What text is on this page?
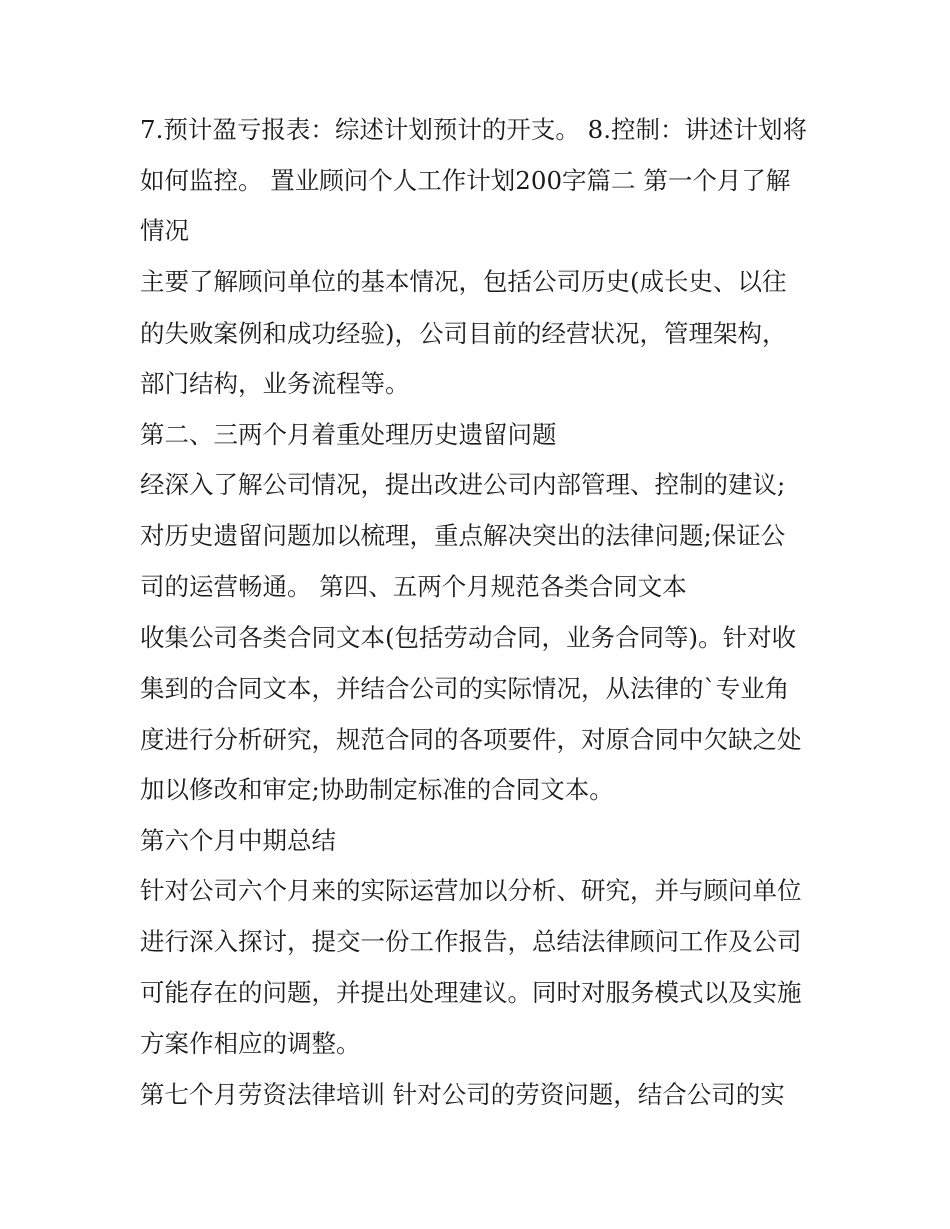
7.预计盈亏报表：综述计划预计的开支。 8.控制：讲述计划将
如何监控。 置业顾问个人工作计划200字篇二 第一个月了解
情况
主要了解顾问单位的基本情况，包括公司历史(成长史、以往
的失败案例和成功经验)，公司目前的经营状况，管理架构，
部门结构，业务流程等。
第二、三两个月着重处理历史遗留问题
经深入了解公司情况，提出改进公司内部管理、控制的建议;
对历史遗留问题加以梳理，重点解决突出的法律问题;保证公
司的运营畅通。 第四、五两个月规范各类合同文本
收集公司各类合同文本(包括劳动合同，业务合同等)。针对收
集到的合同文本，并结合公司的实际情况，从法律的`专业角
度进行分析研究，规范合同的各项要件，对原合同中欠缺之处
加以修改和审定;协助制定标准的合同文本。
第六个月中期总结
针对公司六个月来的实际运营加以分析、研究，并与顾问单位
进行深入探讨，提交一份工作报告，总结法律顾问工作及公司
可能存在的问题，并提出处理建议。同时对服务模式以及实施
方案作相应的调整。
第七个月劳资法律培训 针对公司的劳资问题，结合公司的实
